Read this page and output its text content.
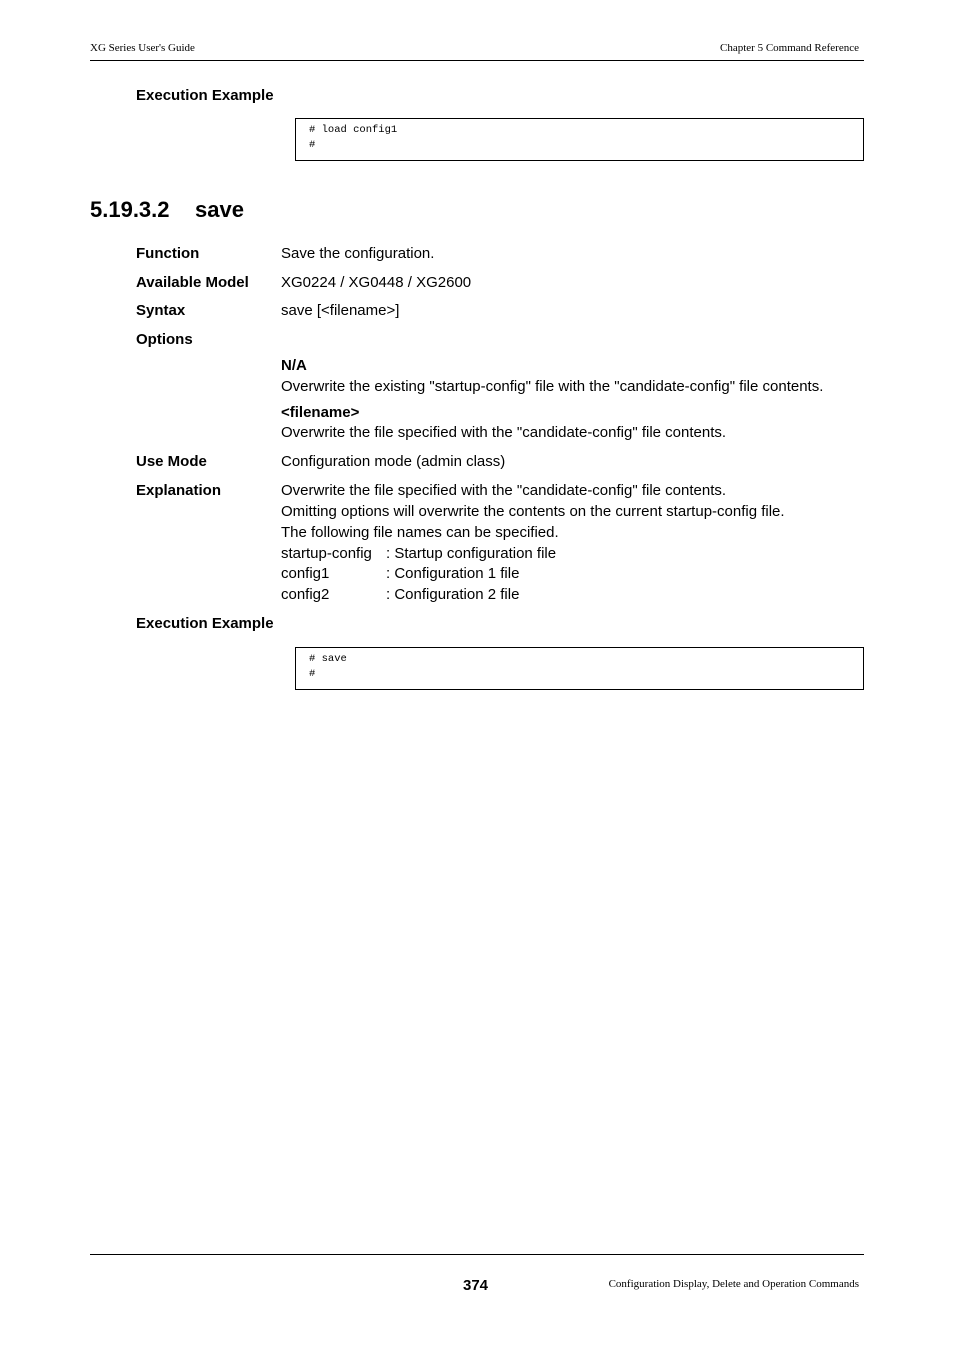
XG Series User's Guide	Chapter 5 Command Reference
Execution Example
# load config1
#
5.19.3.2 save
Function	Save the configuration.
Available Model XG0224 / XG0448 / XG2600
Syntax	save [<filename>]
Options
N/A
Overwrite the existing "startup-config" file with the "candidate-config" file contents.
<filename>
Overwrite the file specified with the "candidate-config" file contents.
Use Mode	Configuration mode (admin class)
Explanation	Overwrite the file specified with the "candidate-config" file contents.
Omitting options will overwrite the contents on the current startup-config file.
The following file names can be specified.
startup-config : Startup configuration file
config1	: Configuration 1 file
config2	: Configuration 2 file
Execution Example
# save
#
374	Configuration Display, Delete and Operation Commands
